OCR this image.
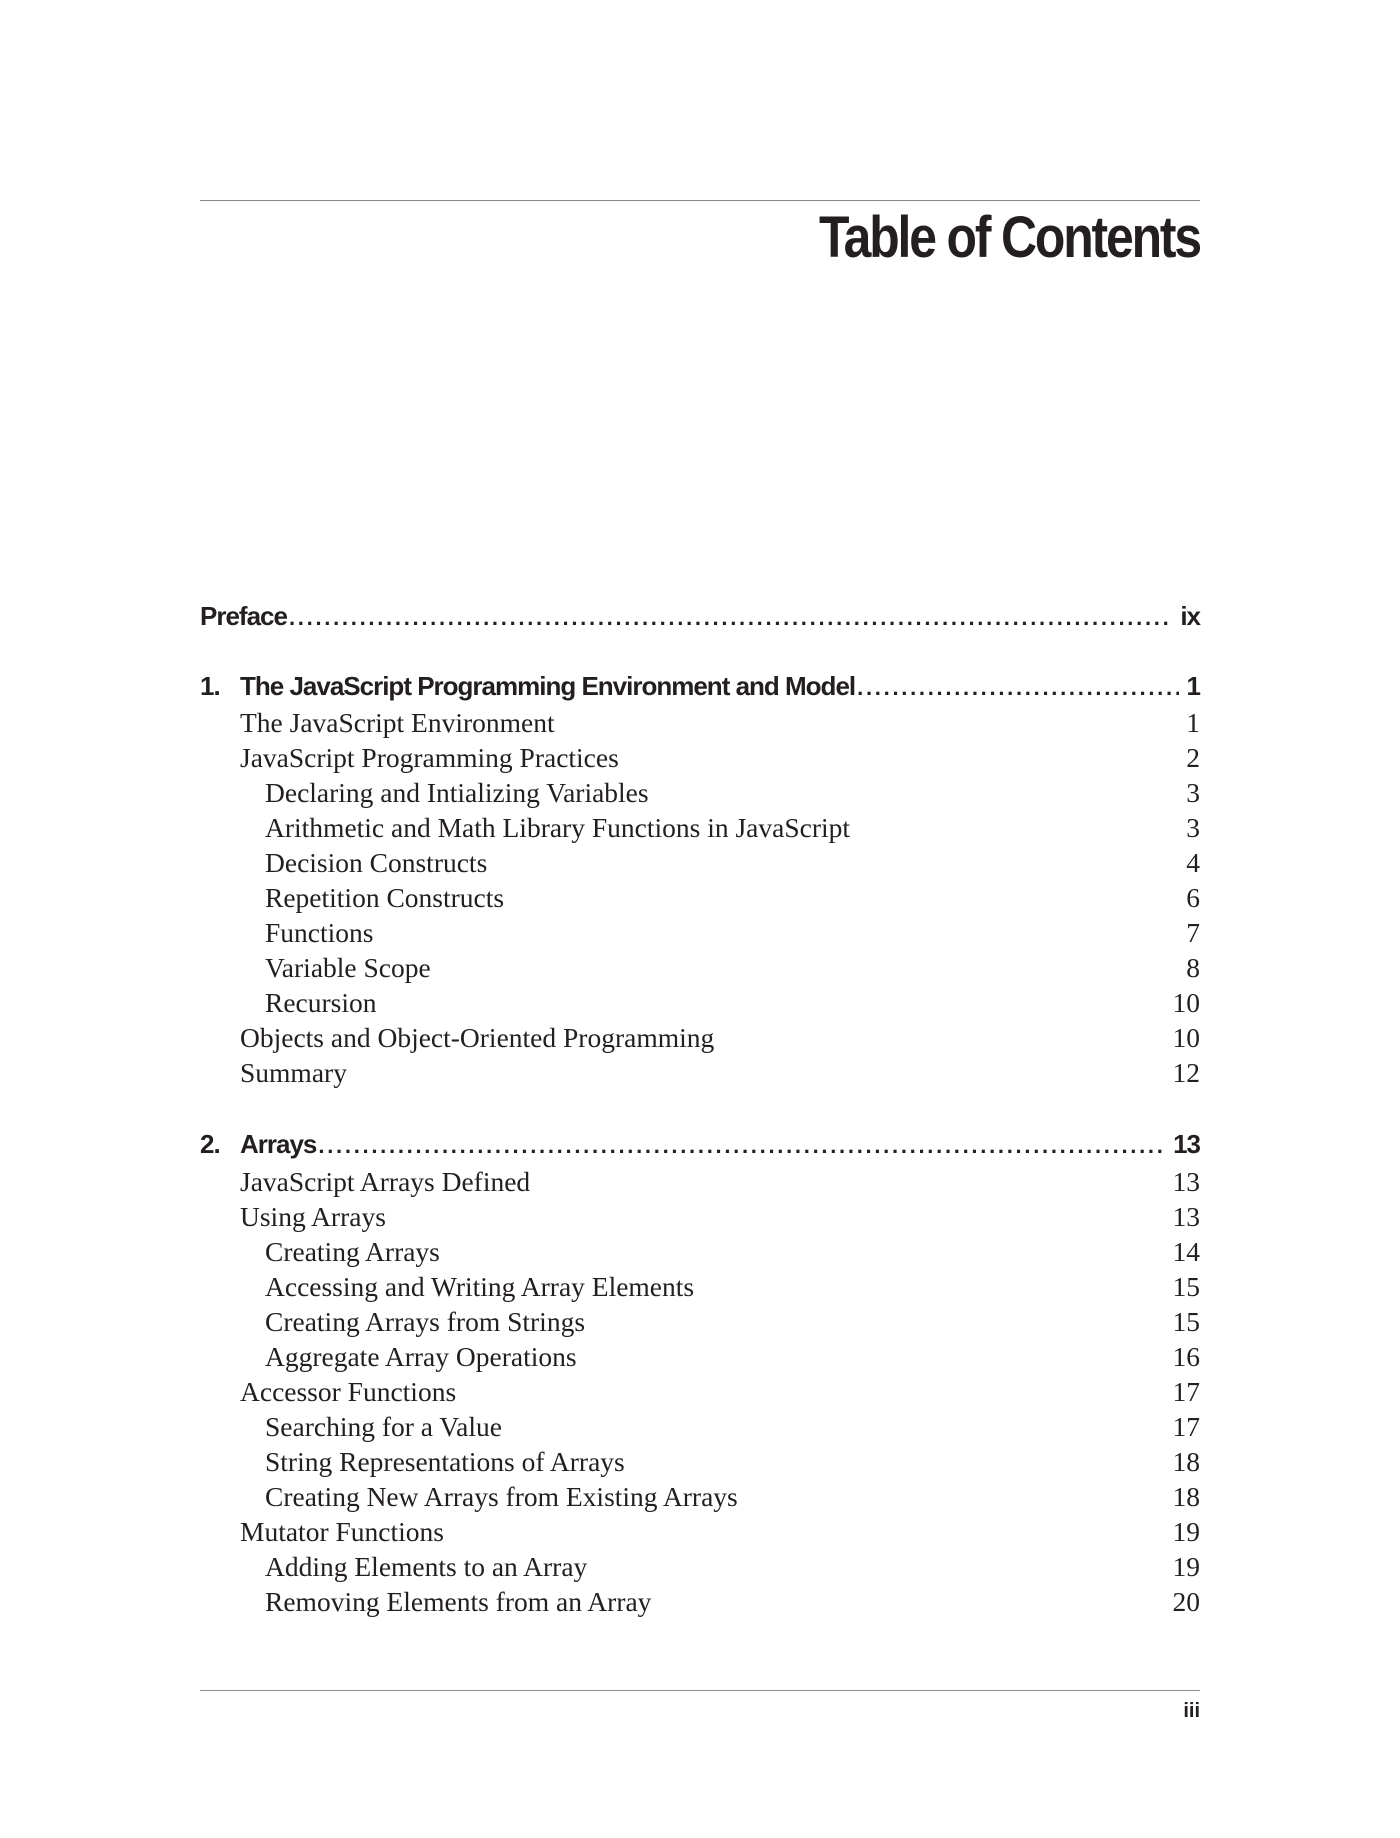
Table of Contents
Preface . . .	ix
1. The JavaScript Programming Environment and Model . . .	1
The JavaScript Environment	1
JavaScript Programming Practices	2
Declaring and Intializing Variables	3
Arithmetic and Math Library Functions in JavaScript	3
Decision Constructs	4
Repetition Constructs	6
Functions	7
Variable Scope	8
Recursion	10
Objects and Object-Oriented Programming	10
Summary	12
2. Arrays . . .	13
JavaScript Arrays Defined	13
Using Arrays	13
Creating Arrays	14
Accessing and Writing Array Elements	15
Creating Arrays from Strings	15
Aggregate Array Operations	16
Accessor Functions	17
Searching for a Value	17
String Representations of Arrays	18
Creating New Arrays from Existing Arrays	18
Mutator Functions	19
Adding Elements to an Array	19
Removing Elements from an Array	20
iii
